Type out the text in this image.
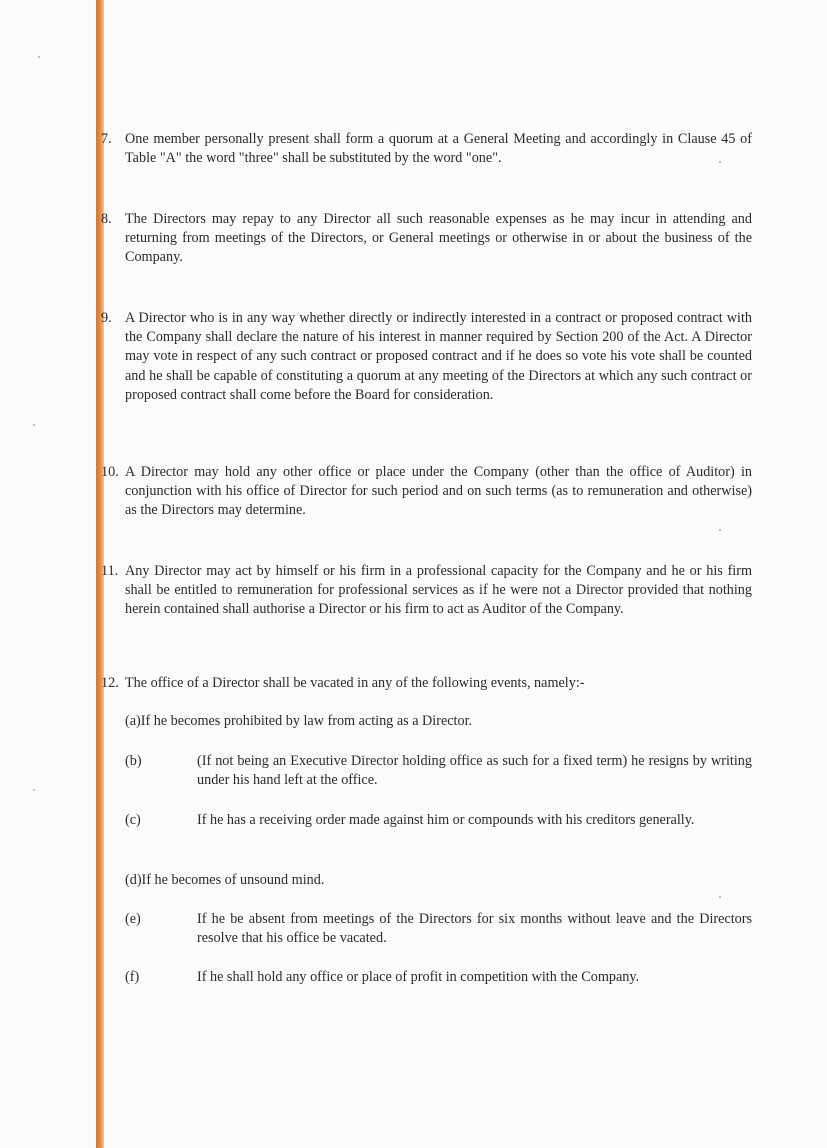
7. One member personally present shall form a quorum at a General Meeting and accordingly in Clause 45 of Table "A" the word "three" shall be substituted by the word "one".
8. The Directors may repay to any Director all such reasonable expenses as he may incur in attending and returning from meetings of the Directors, or General meetings or otherwise in or about the business of the Company.
9. A Director who is in any way whether directly or indirectly interested in a contract or proposed contract with the Company shall declare the nature of his interest in manner required by Section 200 of the Act. A Director may vote in respect of any such contract or proposed contract and if he does so vote his vote shall be counted and he shall be capable of constituting a quorum at any meeting of the Directors at which any such contract or proposed contract shall come before the Board for consideration.
10. A Director may hold any other office or place under the Company (other than the office of Auditor) in conjunction with his office of Director for such period and on such terms (as to remuneration and otherwise) as the Directors may determine.
11. Any Director may act by himself or his firm in a professional capacity for the Company and he or his firm shall be entitled to remuneration for professional services as if he were not a Director provided that nothing herein contained shall authorise a Director or his firm to act as Auditor of the Company.
12. The office of a Director shall be vacated in any of the following events, namely:-
(a)If he becomes prohibited by law from acting as a Director.
(b)	(If not being an Executive Director holding office as such for a fixed term) he resigns by writing under his hand left at the office.
(c)	If he has a receiving order made against him or compounds with his creditors generally.
(d)If he becomes of unsound mind.
(e)	If he be absent from meetings of the Directors for six months without leave and the Directors resolve that his office be vacated.
(f)	If he shall hold any office or place of profit in competition with the Company.
